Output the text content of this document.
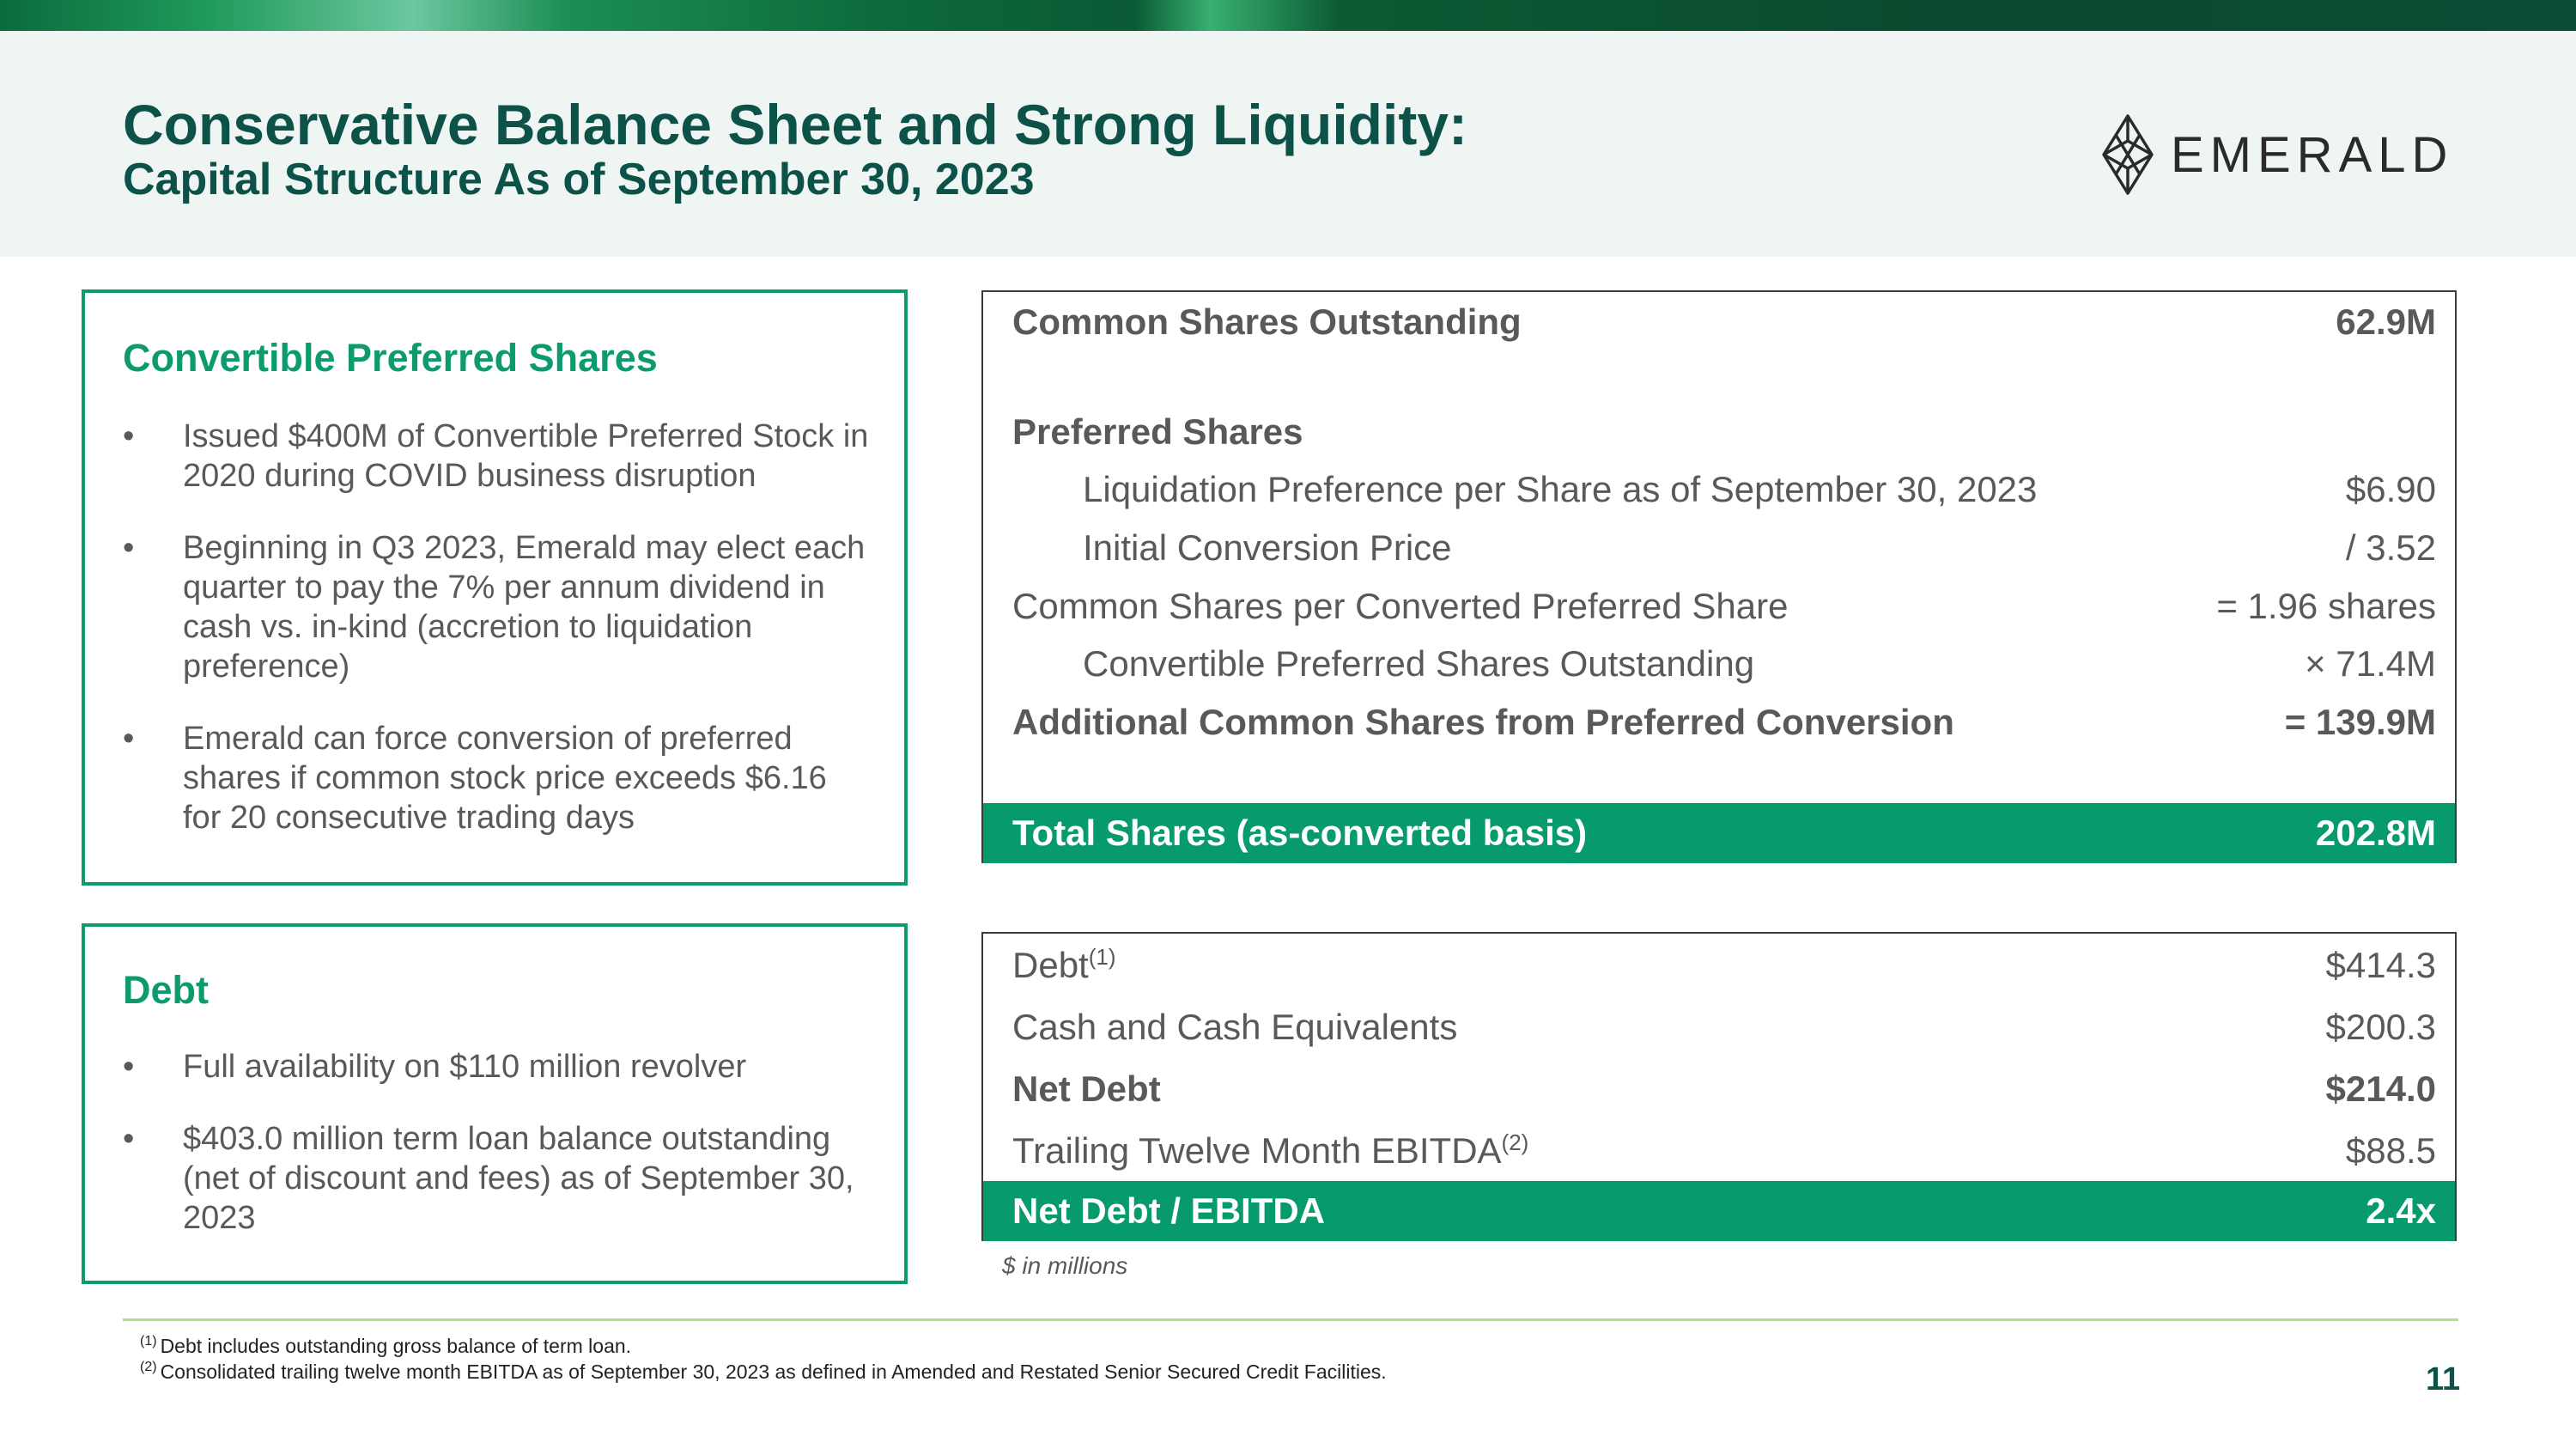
Conservative Balance Sheet and Strong Liquidity:
Capital Structure As of September 30, 2023	EMERALD
Convertible Preferred Shares
• Issued $400M of Convertible Preferred Stock in 2020 during COVID business disruption
• Beginning in Q3 2023, Emerald may elect each quarter to pay the 7% per annum dividend in cash vs. in-kind (accretion to liquidation preference)
• Emerald can force conversion of preferred shares if common stock price exceeds $6.16 for 20 consecutive trading days
Debt
• Full availability on $110 million revolver
• $403.0 million term loan balance outstanding (net of discount and fees) as of September 30, 2023
Common Shares Outstanding	62.9M
Preferred Shares
Liquidation Preference per Share as of September 30, 2023	$6.90
Initial Conversion Price	/ 3.52
Common Shares per Converted Preferred Share	= 1.96 shares
Convertible Preferred Shares Outstanding	× 71.4M
Additional Common Shares from Preferred Conversion	= 139.9M
Total Shares (as-converted basis)	202.8M
Debt$^{(1)}$	$414.3
Cash and Cash Equivalents	$200.3
Net Debt	$214.0
Trailing Twelve Month EBITDA$^{(2)}$	$88.5
Net Debt / EBITDA	2.4x
$ in millions
$^{(1)}$ Debt includes outstanding gross balance of term loan.
$^{(2)}$ Consolidated trailing twelve month EBITDA as of September 30, 2023 as defined in Amended and Restated Senior Secured Credit Facilities.	11
